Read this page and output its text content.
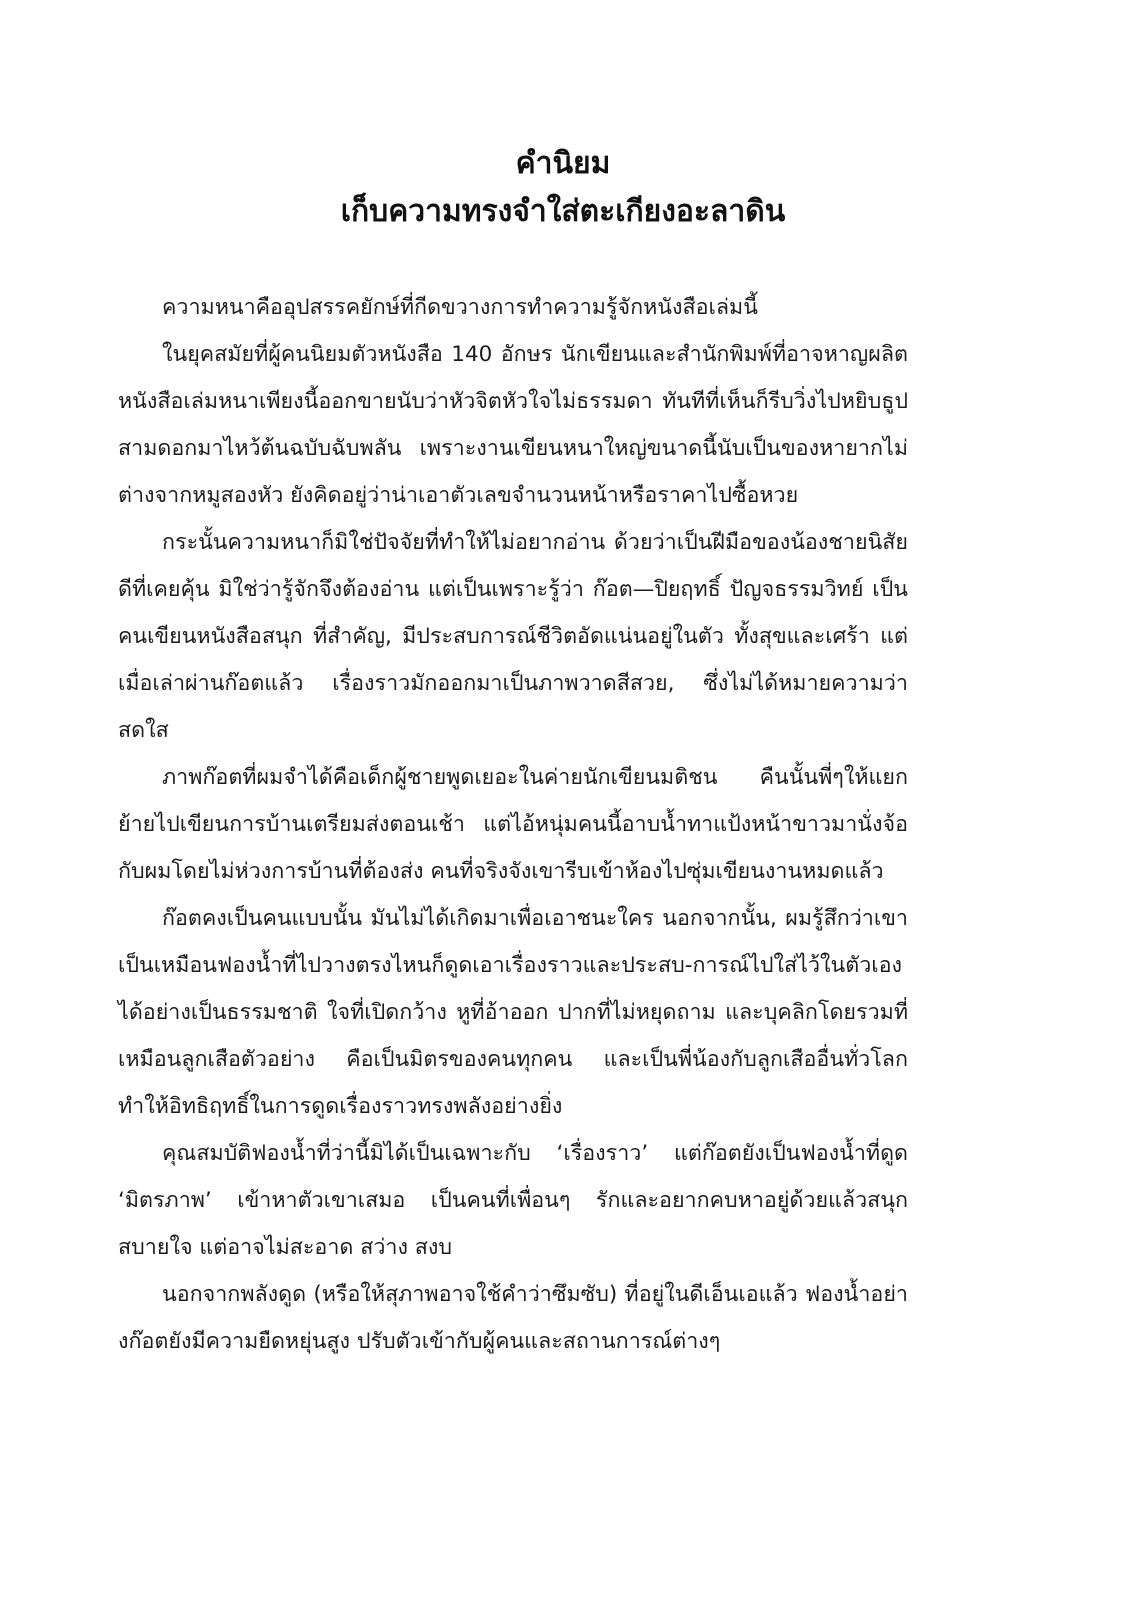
คำนิยม
เก็บความทรงจำใส่ตะเกียงอะลาดิน

ความหนาคืออุปสรรคยักษ์ที่กีดขวางการทำความรู้จักหนังสือเล่มนี้

ในยุคสมัยที่ผู้คนนิยมตัวหนังสือ 140 อักษร นักเขียนและสำนักพิมพ์ที่อาจหาญผลิตหนังสือเล่มหนาเพียงนี้ออกขายนับว่าหัวจิตหัวใจไม่ธรรมดา ทันทีที่เห็นก็รีบวิ่งไปหยิบธูปสามดอกมาไหว้ต้นฉบับฉับพลัน เพราะงานเขียนหนาใหญ่ขนาดนี้นับเป็นของหายากไม่ต่างจากหมูสองหัว ยังคิดอยู่ว่าน่าเอาตัวเลขจำนวนหน้าหรือราคาไปซื้อหวย

กระนั้นความหนาก็มิใช่ปัจจัยที่ทำให้ไม่อยากอ่าน ด้วยว่าเป็นฝีมือของน้องชายนิสัยดีที่เคยคุ้น มิใช่ว่ารู้จักจึงต้องอ่าน แต่เป็นเพราะรู้ว่า ก๊อต—ปิยฤทธิ์ ปัญจธรรมวิทย์ เป็นคนเขียนหนังสือสนุก ที่สำคัญ, มีประสบการณ์ชีวิตอัดแน่นอยู่ในตัว ทั้งสุขและเศร้า แต่เมื่อเล่าผ่านก๊อตแล้ว เรื่องราวมักออกมาเป็นภาพวาดสีสวย, ซึ่งไม่ได้หมายความว่าสดใส

ภาพก๊อตที่ผมจำได้คือเด็กผู้ชายพูดเยอะในค่ายนักเขียนมติชน คืนนั้นพี่ๆให้แยกย้ายไปเขียนการบ้านเตรียมส่งตอนเช้า แต่ไอ้หนุ่มคนนี้อาบน้ำทาแป้งหน้าขาวมานั่งจ้อกับผมโดยไม่ห่วงการบ้านที่ต้องส่ง คนที่จริงจังเขารีบเข้าห้องไปซุ่มเขียนงานหมดแล้ว

ก๊อตคงเป็นคนแบบนั้น มันไม่ได้เกิดมาเพื่อเอาชนะใคร นอกจากนั้น, ผมรู้สึกว่าเขาเป็นเหมือนฟองน้ำที่ไปวางตรงไหนก็ดูดเอาเรื่องราวและประสบ-การณ์ไปใส่ไว้ในตัวเองได้อย่างเป็นธรรมชาติ ใจที่เปิดกว้าง หูที่อ้าออก ปากที่ไม่หยุดถาม และบุคลิกโดยรวมที่เหมือนลูกเสือตัวอย่าง คือเป็นมิตรของคนทุกคน และเป็นพี่น้องกับลูกเสืออื่นทั่วโลก ทำให้อิทธิฤทธิ์ในการดูดเรื่องราวทรงพลังอย่างยิ่ง

คุณสมบัติฟองน้ำที่ว่านี้มิได้เป็นเฉพาะกับ ‘เรื่องราว’ แต่ก๊อตยังเป็นฟองน้ำที่ดูด ‘มิตรภาพ’ เข้าหาตัวเขาเสมอ เป็นคนที่เพื่อนๆ รักและอยากคบหาอยู่ด้วยแล้วสนุก สบายใจ แต่อาจไม่สะอาด สว่าง สงบ

นอกจากพลังดูด (หรือให้สุภาพอาจใช้คำว่าซึมซับ) ที่อยู่ในดีเอ็นเอแล้ว ฟองน้ำอย่างก๊อตยังมีความยืดหยุ่นสูง ปรับตัวเข้ากับผู้คนและสถานการณ์ต่างๆ
